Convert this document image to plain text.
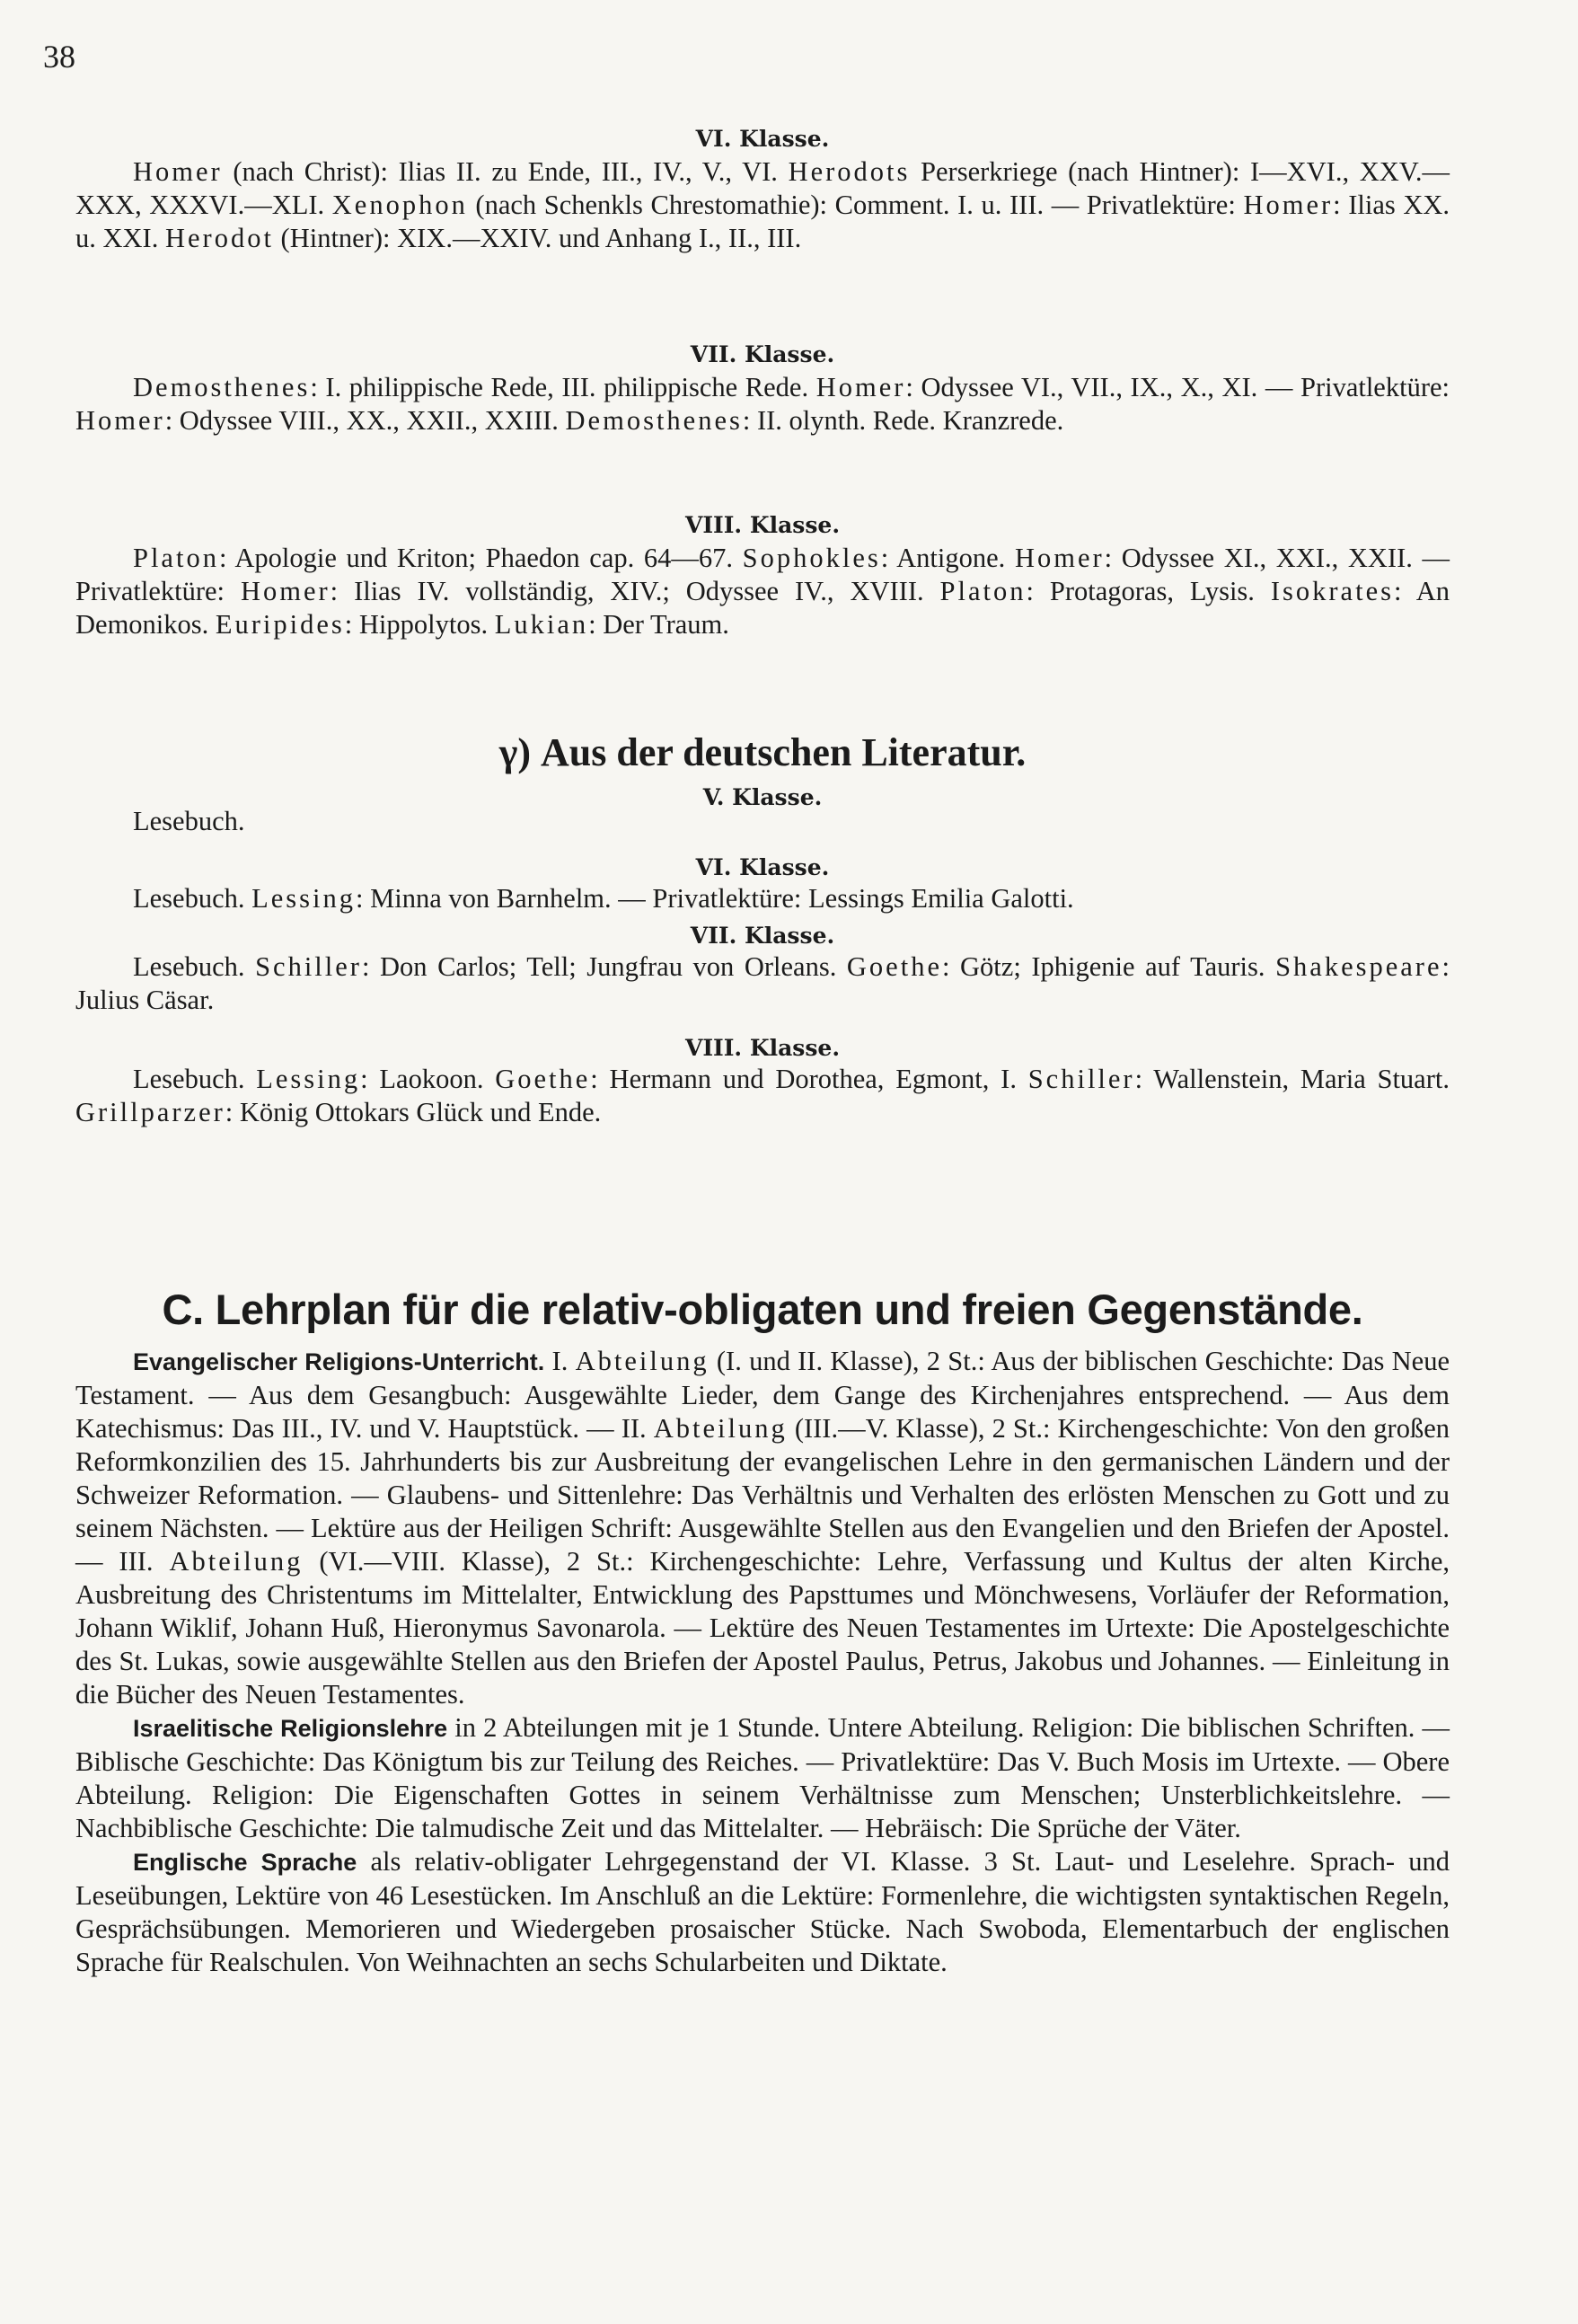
38

VI. Klasse.

Homer (nach Christ): Ilias II. zu Ende, III., IV., V., VI. Herodots Perserkriege (nach Hintner): I—XVI., XXV.—XXX, XXXVI.—XLI. Xenophon (nach Schenkls Chrestomathie): Comment. I. u. III. — Privatlektüre: Homer: Ilias XX. u. XXI. Herodot (Hintner): XIX.—XXIV. und Anhang I., II., III.

VII. Klasse.

Demosthenes: I. philippische Rede, III. philippische Rede. Homer: Odyssee VI., VII., IX., X., XI. — Privatlektüre: Homer: Odyssee VIII., XX., XXII., XXIII. Demosthenes: II. olynth. Rede. Kranzrede.

VIII. Klasse.

Platon: Apologie und Kriton; Phaedon cap. 64—67. Sophokles: Antigone. Homer: Odyssee XI., XXI., XXII. — Privatlektüre: Homer: Ilias IV. vollständig, XIV.; Odyssee IV., XVIII. Platon: Protagoras, Lysis. Isokrates: An Demonikos. Euripides: Hippolytos. Lukian: Der Traum.

γ) Aus der deutschen Literatur.

V. Klasse.

Lesebuch.

VI. Klasse.

Lesebuch. Lessing: Minna von Barnhelm. — Privatlektüre: Lessings Emilia Galotti.

VII. Klasse.

Lesebuch. Schiller: Don Carlos; Tell; Jungfrau von Orleans. Goethe: Götz; Iphigenie auf Tauris. Shakespeare: Julius Cäsar.

VIII. Klasse.

Lesebuch. Lessing: Laokoon. Goethe: Hermann und Dorothea, Egmont, I. Schiller: Wallenstein, Maria Stuart. Grillparzer: König Ottokars Glück und Ende.

C. Lehrplan für die relativ-obligaten und freien Gegenstände.

Evangelischer Religions-Unterricht. I. Abteilung (I. und II. Klasse), 2 St.: Aus der biblischen Geschichte: Das Neue Testament. — Aus dem Gesangbuch: Ausgewählte Lieder, dem Gange des Kirchenjahres entsprechend. — Aus dem Katechismus: Das III., IV. und V. Hauptstück. — II. Abteilung (III.—V. Klasse), 2 St.: Kirchengeschichte: Von den großen Reformkonzilien des 15. Jahrhunderts bis zur Ausbreitung der evangelischen Lehre in den germanischen Ländern und der Schweizer Reformation. — Glaubens- und Sittenlehre: Das Verhältnis und Verhalten des erlösten Menschen zu Gott und zu seinem Nächsten. — Lektüre aus der Heiligen Schrift: Ausgewählte Stellen aus den Evangelien und den Briefen der Apostel. — III. Abteilung (VI.—VIII. Klasse), 2 St.: Kirchengeschichte: Lehre, Verfassung und Kultus der alten Kirche, Ausbreitung des Christentums im Mittelalter, Entwicklung des Papsttumes und Mönchwesens, Vorläufer der Reformation, Johann Wiklif, Johann Huß, Hieronymus Savonarola. — Lektüre des Neuen Testamentes im Urtexte: Die Apostelgeschichte des St. Lukas, sowie ausgewählte Stellen aus den Briefen der Apostel Paulus, Petrus, Jakobus und Johannes. — Einleitung in die Bücher des Neuen Testamentes.

Israelitische Religionslehre in 2 Abteilungen mit je 1 Stunde. Untere Abteilung. Religion: Die biblischen Schriften. — Biblische Geschichte: Das Königtum bis zur Teilung des Reiches. — Privatlektüre: Das V. Buch Mosis im Urtexte. — Obere Abteilung. Religion: Die Eigenschaften Gottes in seinem Verhältnisse zum Menschen; Unsterblichkeitslehre. — Nachbiblische Geschichte: Die talmudische Zeit und das Mittelalter. — Hebräisch: Die Sprüche der Väter.

Englische Sprache als relativ-obligater Lehrgegenstand der VI. Klasse. 3 St. Laut- und Leselehre. Sprach- und Leseübungen, Lektüre von 46 Lesestücken. Im Anschluß an die Lektüre: Formenlehre, die wichtigsten syntaktischen Regeln, Gesprächsübungen. Memorieren und Wiedergeben prosaischer Stücke. Nach Swoboda, Elementarbuch der englischen Sprache für Realschulen. Von Weihnachten an sechs Schularbeiten und Diktate.
